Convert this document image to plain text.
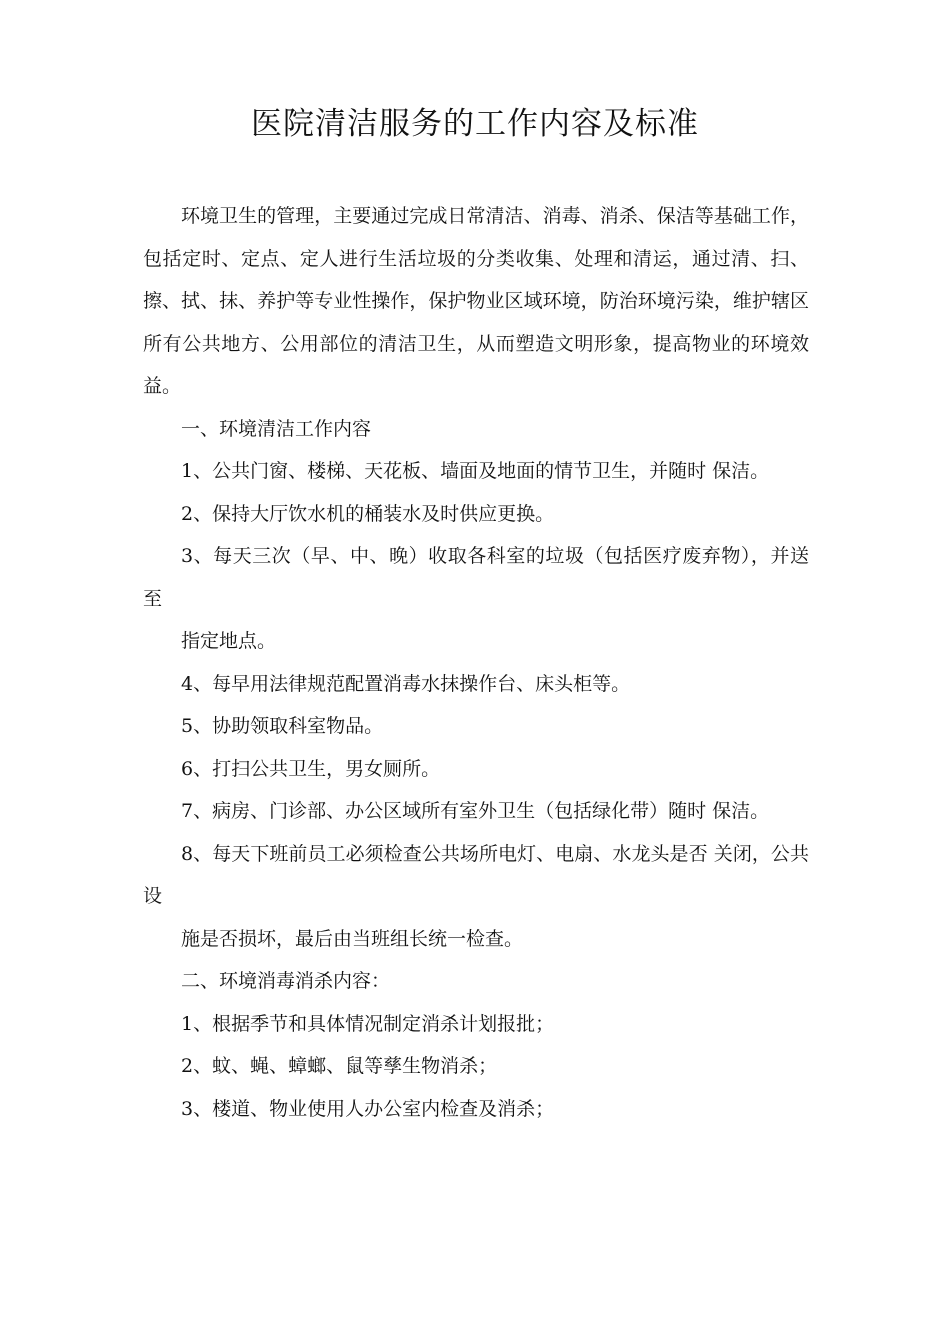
医院清洁服务的工作内容及标准

环境卫生的管理，主要通过完成日常清洁、消毒、消杀、保洁等基础工作，包括定时、定点、定人进行生活垃圾的分类收集、处理和清运，通过清、扫、擦、拭、抹、养护等专业性操作，保护物业区域环境，防治环境污染，维护辖区所有公共地方、公用部位的清洁卫生，从而塑造文明形象，提高物业的环境效益。

一、环境清洁工作内容

1、公共门窗、楼梯、天花板、墙面及地面的情节卫生，并随时 保洁。

2、保持大厅饮水机的桶装水及时供应更换。

3、每天三次（早、中、晚）收取各科室的垃圾（包括医疗废弃物），并送至

指定地点。

4、每早用法律规范配置消毒水抹操作台、床头柜等。

5、协助领取科室物品。

6、打扫公共卫生，男女厕所。

7、病房、门诊部、办公区域所有室外卫生（包括绿化带）随时 保洁。

8、每天下班前员工必须检查公共场所电灯、电扇、水龙头是否 关闭，公共设

施是否损坏，最后由当班组长统一检查。

二、环境消毒消杀内容：

1、根据季节和具体情况制定消杀计划报批；

2、蚊、蝇、蟑螂、鼠等孳生物消杀；

3、楼道、物业使用人办公室内检查及消杀；
